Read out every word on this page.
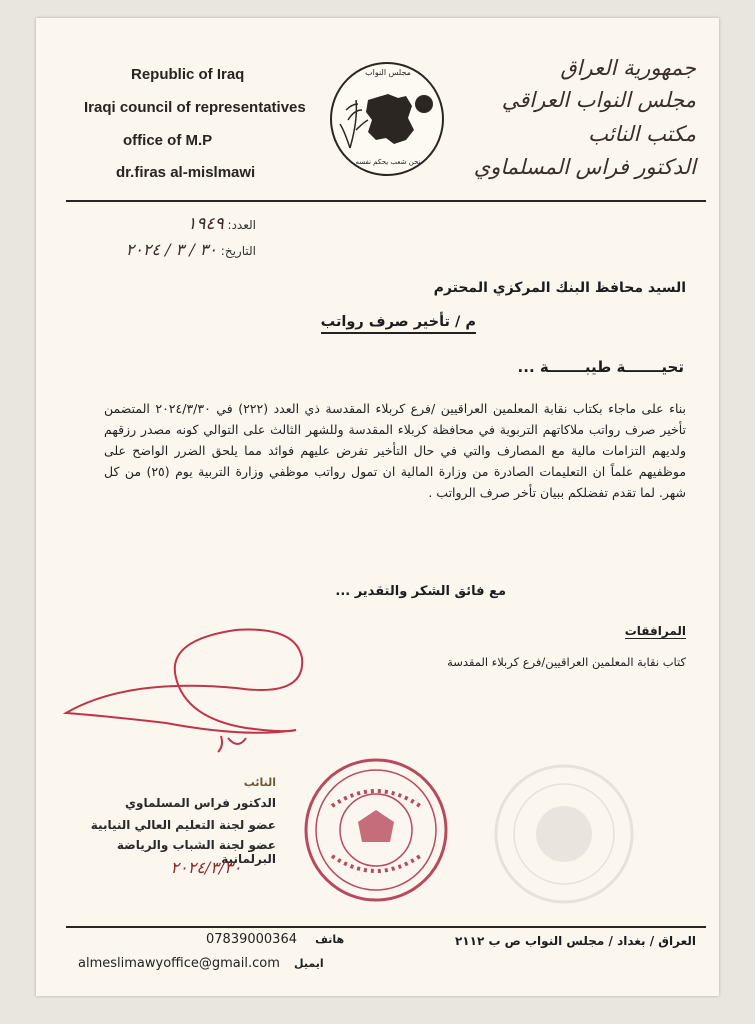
Republic of Iraq
Iraqi council of representatives
office of M.P
dr.firas al-mislmawi
مجلس النواب
نحن شعب يحكم نفسه
جمهورية العراق
مجلس النواب العراقي
مكتب النائب
الدكتور فراس المسلماوي
العدد: ١٩٤٩
التاريخ: ٣٠ / ٣ / ٢٠٢٤
السيد محافظ البنك المركزي المحترم
م / تأخير صرف رواتب
تحيـــــــة طيبـــــــة ...
بناء على ماجاء بكتاب نقابة المعلمين العراقيين /فرع كربلاء المقدسة ذي العدد (٢٢٢) في ٢٠٢٤/٣/٣٠ المتضمن تأخير صرف رواتب ملاكاتهم التربوية في محافظة كربلاء المقدسة وللشهر الثالث على التوالي كونه مصدر رزقهم ولديهم التزامات مالية مع المصارف والتي في حال التأخير تفرض عليهم فوائد مما يلحق الضرر الواضح على موظفيهم علماً ان التعليمات الصادرة من وزارة المالية ان تمول رواتب موظفي وزارة التربية يوم (٢٥) من كل شهر. لما تقدم تفضلكم ببيان تأخر صرف الرواتب .
مع فائق الشكر والتقدير ...
المرافقات
كتاب نقابة المعلمين العراقيين/فرع كربلاء المقدسة
النائب
الدكتور فراس المسلماوي
عضو لجنة التعليم العالي النيابية
عضو لجنة الشباب والرياضة البرلمانية
٢٠٢٤/٣/٣٠
العراق / بغداد / مجلس النواب ص ب ٢١١٢
07839000364 هاتف
almeslimawyoffice@gmail.com ايميل
